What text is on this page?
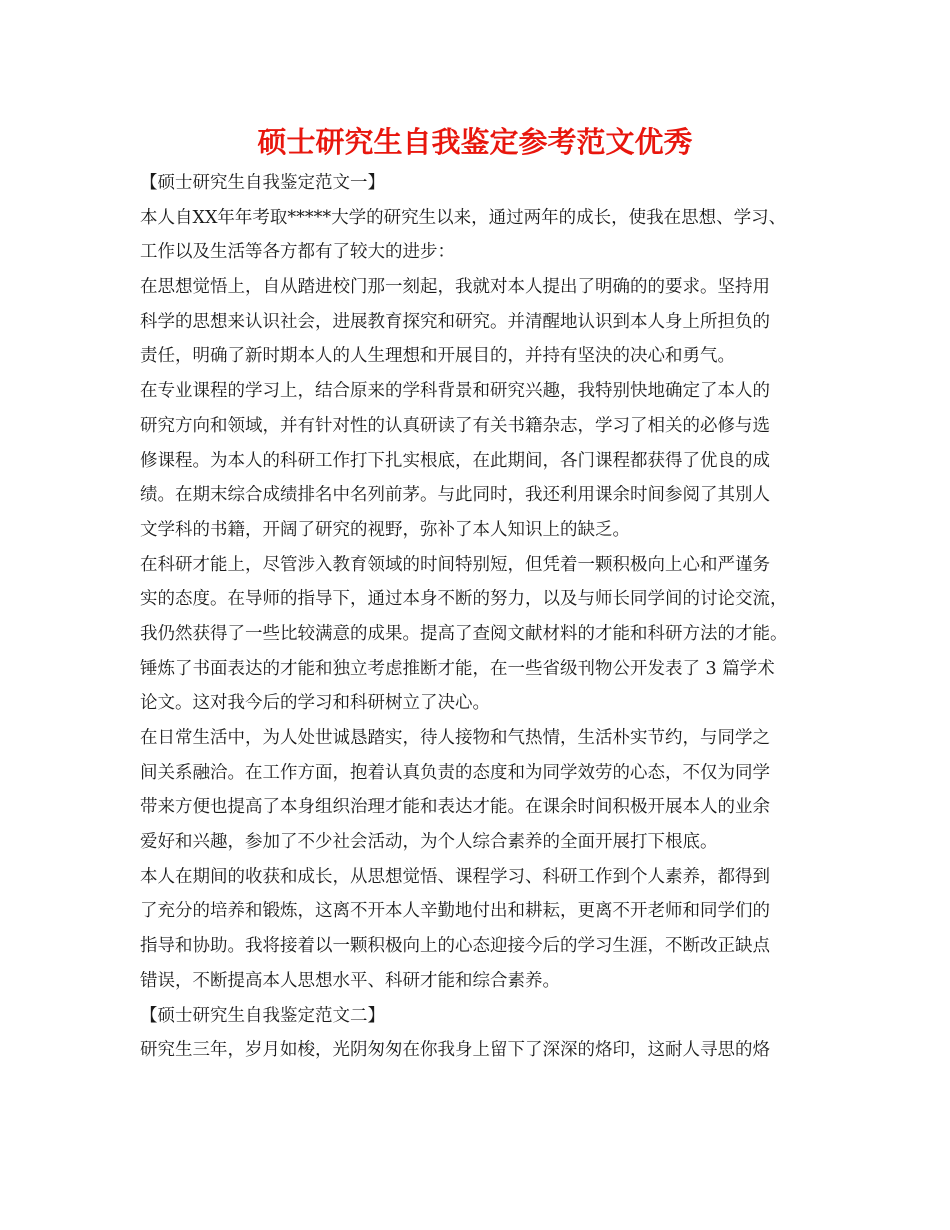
硕士研究生自我鉴定参考范文优秀
【硕士研究生自我鉴定范文一】
本人自XX年年考取*****大学的研究生以来，通过两年的成长，使我在思想、学习、
工作以及生活等各方都有了较大的进步：
在思想觉悟上，自从踏进校门那一刻起，我就对本人提出了明确的的要求。坚持用
科学的思想来认识社会，进展教育探究和研究。并清醒地认识到本人身上所担负的
责任，明确了新时期本人的人生理想和开展目的，并持有坚決的决心和勇气。
在专业课程的学习上，结合原来的学科背景和研究兴趣，我特别快地确定了本人的
研究方向和领域，并有针对性的认真研读了有关书籍杂志，学习了相关的必修与选
修课程。为本人的科研工作打下扎实根底，在此期间，各门课程都获得了优良的成
绩。在期末综合成绩排名中名列前茅。与此同时，我还利用课余时间参阅了其別人
文学科的书籍，开阔了研究的视野，弥补了本人知识上的缺乏。
在科研才能上，尽管涉入教育领域的时间特别短，但凭着一颗积极向上心和严谨务
实的态度。在导师的指导下，通过本身不断的努力，以及与师长同学间的讨论交流，
我仍然获得了一些比较满意的成果。提高了查阅文献材料的才能和科研方法的才能。
锤炼了书面表达的才能和独立考虑推断才能，在一些省级刊物公开发表了 3 篇学术
论文。这对我今后的学习和科研树立了决心。
在日常生活中，为人处世诚恳踏实，待人接物和气热情，生活朴实节约，与同学之
间关系融洽。在工作方面，抱着认真负责的态度和为同学效劳的心态，不仅为同学
带来方便也提高了本身组织治理才能和表达才能。在课余时间积极开展本人的业余
爱好和兴趣，参加了不少社会活动，为个人综合素养的全面开展打下根底。
本人在期间的收获和成长，从思想觉悟、课程学习、科研工作到个人素养，都得到
了充分的培养和锻炼，这离不开本人辛勤地付出和耕耘，更离不开老师和同学们的
指导和协助。我将接着以一颗积极向上的心态迎接今后的学习生涯，不断改正缺点
错误，不断提高本人思想水平、科研才能和综合素养。
【硕士研究生自我鉴定范文二】
研究生三年，岁月如梭，光阴匆匆在你我身上留下了深深的烙印，这耐人寻思的烙
